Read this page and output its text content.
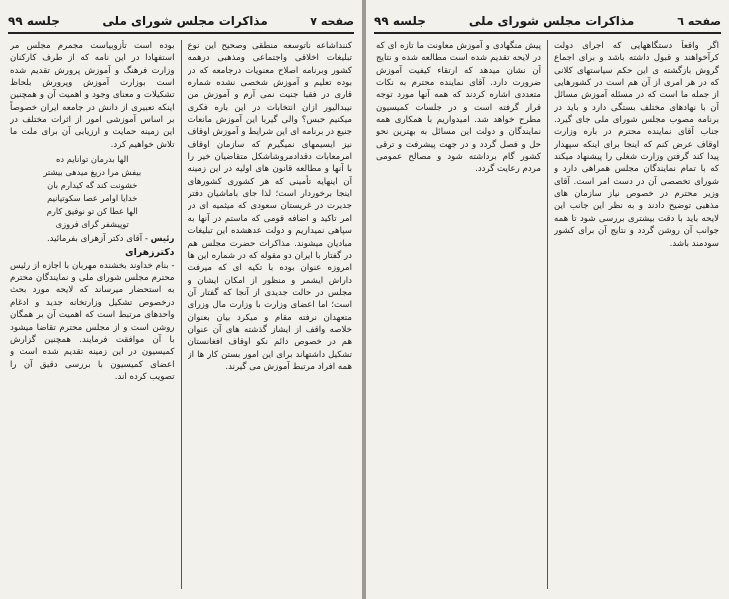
صفحه ۷
مذاکرات مجلس شورای ملی
جلسه ۹۹

کننداشاعه ناتوسعه منطقی وصحیح این نوع تبلیغات اخلاقی واجتماعی ومذهبی درهمه کشور وبرنامه اصلاح معنویات درجامعه که در بوده تعلیم و آموزش شخصی نشده شماره قاری در فقبا جنیت نمی آرم و آموزش من نیبدالیور ازان انتخابات در این باره فکری میکنیم حبس؟ والی گیربا این آموزش مانعات جنیع در برنامه ای این شرایط و آموزش اوقاف نیز ایسیمهای نمیگیرم که سازمان اوقاف امرمعابات دقدادمروشاشکل متقاضیان خیر را با آنها و مطالعه قانون های اولیه در این زمینه آن اینهایه تأمینی که هر کشوری کشورهای اینجا برخوردار است؛ لذا جای باماشیان دفتر جدیرت در غریستان سعودی که میثمیه ای در امر تاکید و اضافه قومی که ماستم در آنها به سپاهی نمیداریم و دولت عدهشده این تبلیغات مبادیان میشوند. مذاکرات حضرت مجلس هم در گفتار با ایران دو مقوله که در شماره این ها امروزه عنوان بوده با تکیه ای که میرفت داراش ایشمر و منظور از امکان ایشان و مجلس در حالت جدیدی از آنجا که گفتار آن است؛ اما اعضای وزارت با وزارت مال وزرای متعهدان نرفته مقام و میکرد بیان بعنوان خلاصه واقف از ایشاز گذشته های آن عنوان هم در خصوص دائم نکو اوقاف افغانستان تشکیل داشتهاند برای این امور بستن کار ها از همه افراد مرتبط آموزش می گیرند.

بوده است تأزوبیاست مجمرم مجلس مر استفهادا در این نامه که از طرف کارکنان وزارت فرهنگ و آموزش پرورش تقدیم شده است بوزارت آموزش وپرورش بلحاظ تشکیلات و معنای وجود و اهمیت آن و همچنین اینکه تعبیری از دانش در جامعه ایران خصوصاً بر اساس آموزشی امور از اثرات مختلف در این زمینه حمایت و ارزیابی آن برای ملت ما تلاش خواهیم کرد.

الها بدرمان توانایم ده
بیفش مرا دریغ میدهی بیشتر
خشونت کند گه کیدارم بان
خدایا اوامر عصا سکوتیانیم
الها عطا کن تو نوفیق کارم
توپیشفر گرای فروزی

رئیس - آقای دکتر آزهرای بفرمائید.

دکترزهرای

- بنام خداوند بخشنده مهربان با اجازه از رئیس محترم مجلس شورای ملی و نمایندگان محترم به استحضار میرساند که لایحه مورد بحث درخصوص تشکیل وزارتخانه جدید و ادغام واحدهای مرتبط است که اهمیت آن بر همگان روشن است و از مجلس محترم تقاضا میشود با آن موافقت فرمایند. همچنین گزارش کمیسیون در این زمینه تقدیم شده است و اعضای کمیسیون با بررسی دقیق آن را تصویب کرده اند.

صفحه ٦
مذاکرات مجلس شورای ملی
جلسه ۹۹

اگر واقعاً دستگاههایی که اجرای دولت کرآخواهند و قبول داشته باشد و برای اجماع گروش بازگشته ی این حکم سیاستهای کلانی که در هر امری از آن هم است در کشورهایی از جمله ما است که در مسئله آموزش مسائل آن با نهادهای مختلف بستگی دارد و باید در برنامه مصوب مجلس شورای ملی جای گیرد. جناب آقای نماینده محترم در باره وزارت اوقاف عرض کنم که اینجا برای اینکه سپهدار پیدا کند گرفتن وزارت شغلی را پیشنهاد میکند که با تمام نمایندگان مجلس همراهی دارد و شورای تخصصی آن در دست امر است. آقای وزیر محترم در خصوص نیاز سازمان های مذهبی توضیح دادند و به نظر این جانب این لایحه باید با دقت بیشتری بررسی شود تا همه جوانب آن روشن گردد و نتایج آن برای کشور سودمند باشد.

پیش منگهادی و آموزش معاونت ما تازه ای که در لایحه تقدیم شده است مطالعه شده و نتایج آن نشان میدهد که ارتقاء کیفیت آموزش ضرورت دارد. آقای نماینده محترم به نکات متعددی اشاره کردند که همه آنها مورد توجه قرار گرفته است و در جلسات کمیسیون مطرح خواهد شد. امیدواریم با همکاری همه نمایندگان و دولت این مسائل به بهترین نحو حل و فصل گردد و در جهت پیشرفت و ترقی کشور گام برداشته شود و مصالح عمومی مردم رعایت گردد.
